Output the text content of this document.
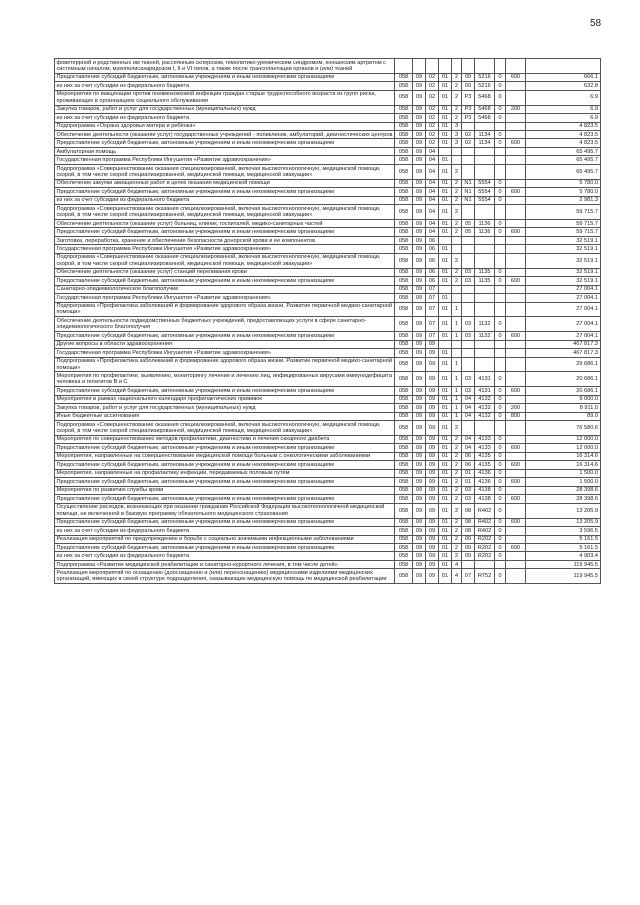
58
фоветеррной и родственных им тканей, рассеянным склерозом, гемолитико-уремическим синдромом, юношеским артритом с системным началом, мукополисахаридозом I, II и VI типов, а также после трансплантации органов и (или) тканей										
Предоставление субсидий бюджетным, автономным учреждениям и иным некоммерческим организациям	058	09	02	01	2	09	5216	0	600	666.1
из них за счет субсидии из федерального бюджета	058	09	02	01	2	09	5216	0		632.8
Мероприятия по вакцинации против пневмококковой инфекции граждан старше трудоспособного возраста из групп риска, проживающих в организациях социального обслуживания	058	09	02	01	2	P3	5468	0		6.9
Закупка товаров, работ и услуг для государственных (муниципальных) нужд	058	09	02	01	2	P3	5468	0	200	6.9
из них за счет субсидии из федерального бюджета	058	09	02	01	2	P3	5468	0		6.9
Подпрограмма «Охрана здоровья матери и ребёнка»	058	09	02	01	3					4 823.5
Обеспечение деятельности (оказание услуг) государственных учреждений - поликлиник, амбулаторий, диагностических центров	058	09	02	01	3	02	1134	0		4 823.5
Предоставление субсидий бюджетным, автономным учреждениям и иным некоммерческим организациям	058	09	02	01	3	02	1134	0	600	4 823.5
Амбулаторная помощь	058	09	04							65 495.7
Государственная программа Республики Ингушетия «Развитие здравоохранения»	058	09	04	01						65 495.7
Подпрограмма «Совершенствование оказания специализированной, включая высокотехнологичную, медицинской помощи, скорой, в том числе скорой специализированной, медицинской помощи, медицинской эвакуации»	058	09	04	01	2					65 495.7
Обеспечение закупки авиационных работ в целях оказания медицинской помощи	058	09	04	01	2	N1	5554	0		5 780.0
Предоставление субсидий бюджетным, автономным учреждениям и иным некоммерческим организациям	058	09	04	01	2	N1	5554	0	600	5 780.0
из них за счет субсидии из федерального бюджета	058	09	04	01	2	N1	5554	0		2 981.3
Подпрограмма «Совершенствование оказания специализированной, включая высокотехнологичную, медицинской помощи, скорой, в том числе скорой специализированной, медицинской помощи, медицинской эвакуации»	058	09	04	01	2					59 715.7
Обеспечение деятельности (оказание услуг) больниц, клиник, госпиталей, медико-санитарных частей	058	09	04	01	2	05	1136	0		59 715.7
Предоставление субсидий бюджетным, автономным учреждениям и иным некоммерческим организациям	058	09	04	01	2	05	1136	0	600	59 715.7
Заготовка, переработка, хранение и обеспечение безопасности донорской крови и ее компонентов	058	09	06							32 519.1
Государственная программа Республики Ингушетия «Развитие здравоохранения»	058	09	06	01						32 519.1
Подпрограмма «Совершенствование оказания специализированной, включая высокотехнологичную, медицинской помощи, скорой, в том числе скорой специализированной, медицинской помощи, медицинской эвакуации»	058	09	06	01	2					32 519.1
Обеспечение деятельности (оказание услуг) станций переливания крови	058	09	06	01	2	03	1135	0		32 519.1
Предоставление субсидий бюджетным, автономным учреждениям и иным некоммерческим организациям	058	09	06	01	2	03	1135	0	600	32 519.1
Санитарно-эпидемиологическое благополучие	058	09	07							27 004.1
Государственная программа Республики Ингушетия «Развитие здравоохранения»	058	09	07	01						27 004.1
Подпрограмма «Профилактика заболеваний и формирование здорового образа жизни. Развитие первичной медико-санитарной помощи»	058	09	07	01	1					27 004.1
Обеспечение деятельности подведомственных бюджетных учреждений, предоставляющих услуги в сфере санитарно-эпидемиологического благополучия	058	09	07	01	1	03	1132	0		27 004.1
Предоставление субсидий бюджетным, автономным учреждениям и иным некоммерческим организациям	058	09	07	01	1	03	1132	0	600	27 004.1
Другие вопросы в области здравоохранения	058	09	09							467 817.3
Государственная программа Республики Ингушетия «Развитие здравоохранения»	058	09	09	01						467 817.3
Подпрограмма «Профилактика заболеваний и формирование здорового образа жизни. Развитие первичной медико-санитарной помощи»	058	09	09	01	1					29 686.1
Мероприятия по профилактике, выявлению, мониторингу лечения и лечению лиц, инфицированных вирусами иммунодефицита человека и гепатитов В и С	058	09	09	01	1	03	4131	0		20 686.1
Предоставление субсидий бюджетным, автономным учреждениям и иным некоммерческим организациям	058	09	09	01	1	03	4131	0	600	20 686.1
Мероприятия в рамках национального календаря профилактических прививок	058	09	09	01	1	04	4132	0		9 000.0
Закупка товаров, работ и услуг для государственных (муниципальных) нужд	058	09	09	01	1	04	4132	0	200	8 911.0
Иные бюджетные ассигнования	058	09	09	01	1	04	4132	0	800	89.0
Подпрограмма «Совершенствование оказания специализированной, включая высокотехнологичную, медицинской помощи, скорой, в том числе скорой специализированной, медицинской помощи, медицинской эвакуации»	058	09	09	01	2					76 580.6
Мероприятия по совершенствованию методов профилактики, диагностики и лечения сахарного диабета	058	09	09	01	2	04	4133	0		12 000.0
Предоставление субсидий бюджетным, автономным учреждениям и иным некоммерческим организациям	058	09	09	01	2	04	4133	0	600	12 000.0
Мероприятия, направленные на совершенствование медицинской помощи больным с онкологическими заболеваниями	058	09	09	01	2	06	4135	0		16 314.6
Предоставление субсидий бюджетным, автономным учреждениям и иным некоммерческим организациям	058	09	09	01	2	06	4135	0	600	16 314.6
Мероприятия, направленные на профилактику инфекции, передаваемых половым путём	058	09	09	01	2	01	4136	0		1 500.0
Предоставление субсидий бюджетным, автономным учреждениям и иным некоммерческим организациям	058	09	09	01	2	01	4136	0	600	1 500.0
Мероприятия по развитию службы крови	058	09	09	01	2	03	4138	0		28 398.6
Предоставление субсидий бюджетным, автономным учреждениям и иным некоммерческим организациям	058	09	09	01	2	03	4138	0	600	28 398.6
Осуществление расходов, возникающих при оказании гражданам Российской Федерации высокотехнологичной медицинской помощи, не включенной в базовую программу обязательного медицинского страхования	058	09	09	01	2	08	R402	0		13 205.9
Предоставление субсидий бюджетным, автономным учреждениям и иным некоммерческим организациям	058	09	09	01	2	08	R402	0	600	13 205.9
из них за счет субсидии из федерального бюджета	058	09	09	01	2	08	R402	0		3 596.5
Реализация мероприятий по предупреждению и борьбе с социально значимыми инфекционными заболеваниями	058	09	09	01	2	09	R202	0		5 161.5
Предоставление субсидий бюджетным, автономным учреждениям и иным некоммерческим организациям	058	09	09	01	2	09	R202	0	600	5 161.5
из них за счет субсидии из федерального бюджета	058	09	09	01	2	09	R202	0		4 903.4
Подпрограмма «Развитие медицинской реабилитации и санаторно-курортного лечения, в том числе детей»	058	09	09	01	4					119 945.5
Реализация мероприятий по оснащению (дооснащению и (или) переоснащению) медицинскими изделиями медицинских организаций, имеющих в своей структуре подразделения, оказывающие медицинскую помощь по медицинской реабилитации	058	09	09	01	4	07	R752	0		119 945.5
